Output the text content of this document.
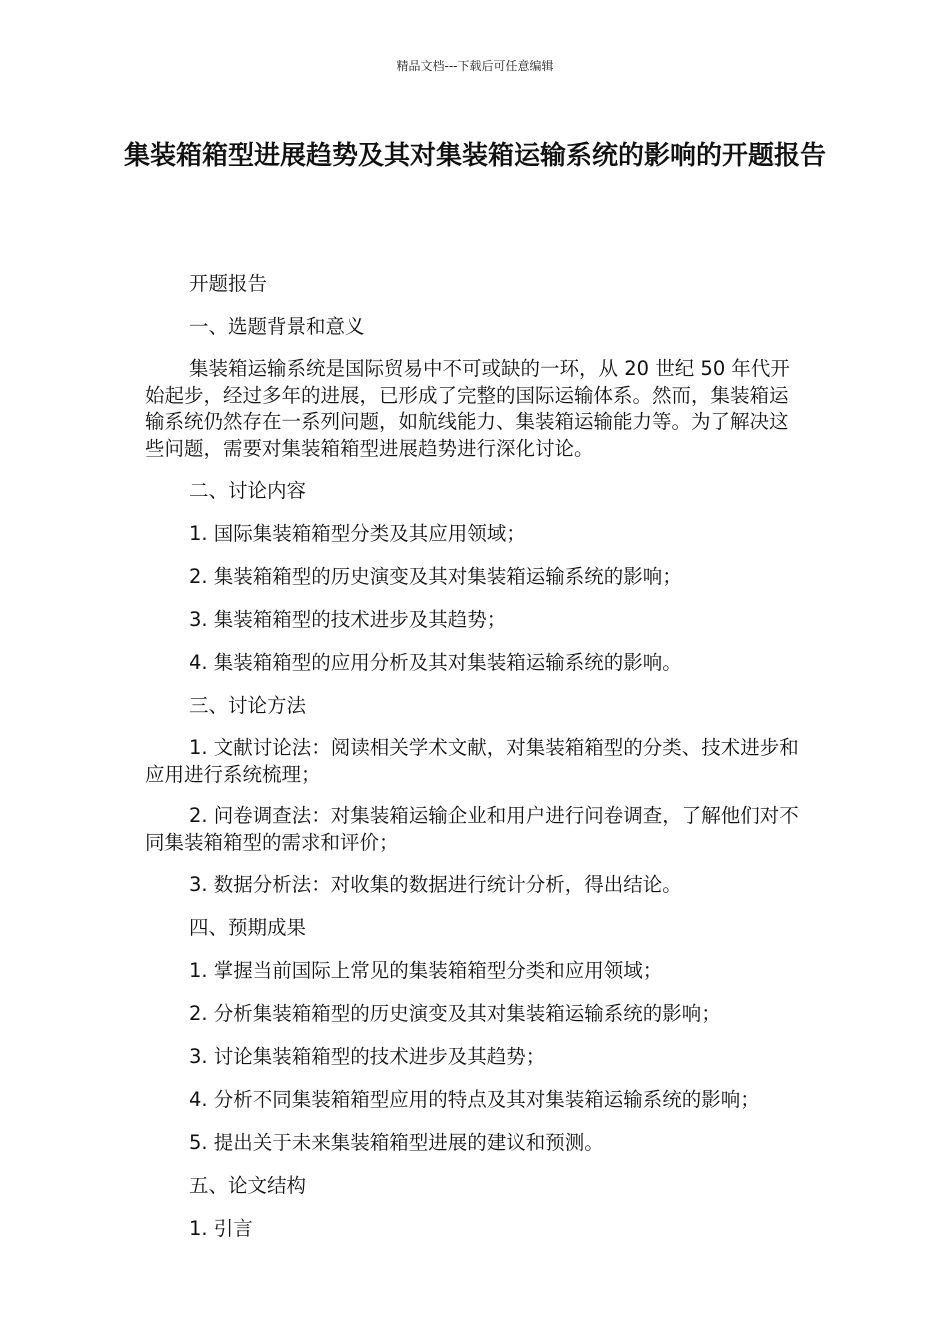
精品文档---下载后可任意编辑
集装箱箱型进展趋势及其对集装箱运输系统的影响的开题报告

开题报告

一、选题背景和意义

集装箱运输系统是国际贸易中不可或缺的一环，从 20 世纪 50 年代开始起步，经过多年的进展，已形成了完整的国际运输体系。然而，集装箱运输系统仍然存在一系列问题，如航线能力、集装箱运输能力等。为了解决这些问题，需要对集装箱箱型进展趋势进行深化讨论。

二、讨论内容

1. 国际集装箱箱型分类及其应用领域；

2. 集装箱箱型的历史演变及其对集装箱运输系统的影响；

3. 集装箱箱型的技术进步及其趋势；

4. 集装箱箱型的应用分析及其对集装箱运输系统的影响。

三、讨论方法

1. 文献讨论法：阅读相关学术文献，对集装箱箱型的分类、技术进步和应用进行系统梳理；

2. 问卷调查法：对集装箱运输企业和用户进行问卷调查，了解他们对不同集装箱箱型的需求和评价；

3. 数据分析法：对收集的数据进行统计分析，得出结论。

四、预期成果

1. 掌握当前国际上常见的集装箱箱型分类和应用领域；

2. 分析集装箱箱型的历史演变及其对集装箱运输系统的影响；

3. 讨论集装箱箱型的技术进步及其趋势；

4. 分析不同集装箱箱型应用的特点及其对集装箱运输系统的影响；

5. 提出关于未来集装箱箱型进展的建议和预测。

五、论文结构

1. 引言
